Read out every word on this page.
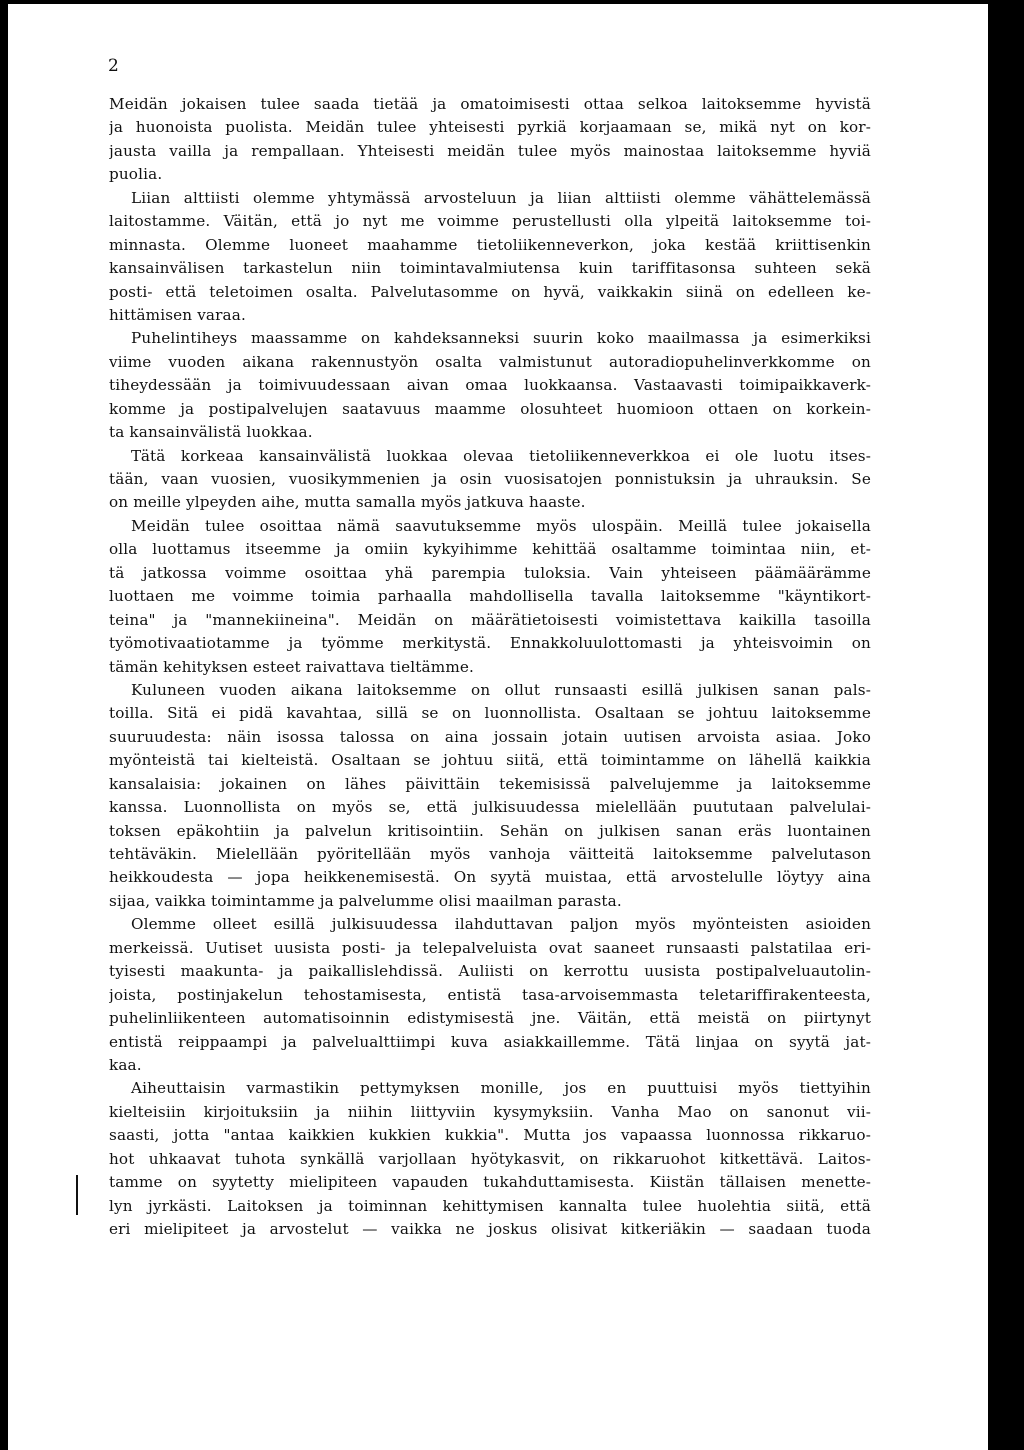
2
Meidän jokaisen tulee saada tietää ja omatoimisesti ottaa selkoa laitoksemme hyvistä
ja huonoista puolista. Meidän tulee yhteisesti pyrkiä korjaamaan se, mikä nyt on kor-
jausta vailla ja rempallaan. Yhteisesti meidän tulee myös mainostaa laitoksemme hyviä
puolia.
Liian alttiisti olemme yhtymässä arvosteluun ja liian alttiisti olemme vähättelemässä
laitostamme. Väitän, että jo nyt me voimme perustellusti olla ylpeitä laitoksemme toi-
minnasta. Olemme luoneet maahamme tietoliikenneverkon, joka kestää kriittisenkin
kansainvälisen tarkastelun niin toimintavalmiutensa kuin tariffitasonsa suhteen sekä
posti- että teletoimen osalta. Palvelutasomme on hyvä, vaikkakin siinä on edelleen ke-
hittämisen varaa.
Puhelintiheys maassamme on kahdeksanneksi suurin koko maailmassa ja esimerkiksi
viime vuoden aikana rakennustyön osalta valmistunut autoradiopuhelinverkkomme on
tiheydessään ja toimivuudessaan aivan omaa luokkaansa. Vastaavasti toimipaikkaverk-
komme ja postipalvelujen saatavuus maamme olosuhteet huomioon ottaen on korkein-
ta kansainvälistä luokkaa.
Tätä korkeaa kansainvälistä luokkaa olevaa tietoliikenneverkkoa ei ole luotu itses-
tään, vaan vuosien, vuosikymmenien ja osin vuosisatojen ponnistuksin ja uhrauksin. Se
on meille ylpeyden aihe, mutta samalla myös jatkuva haaste.
Meidän tulee osoittaa nämä saavutuksemme myös ulospäin. Meillä tulee jokaisella
olla luottamus itseemme ja omiin kykyihimme kehittää osaltamme toimintaa niin, et-
tä jatkossa voimme osoittaa yhä parempia tuloksia. Vain yhteiseen päämäärämme
luottaen me voimme toimia parhaalla mahdollisella tavalla laitoksemme "käyntikort-
teina" ja "mannekiineina". Meidän on määrätietoisesti voimistettava kaikilla tasoilla
työmotivaatiotamme ja työmme merkitystä. Ennakkoluulottomasti ja yhteisvoimin on
tämän kehityksen esteet raivattava tieltämme.
Kuluneen vuoden aikana laitoksemme on ollut runsaasti esillä julkisen sanan pals-
toilla. Sitä ei pidä kavahtaa, sillä se on luonnollista. Osaltaan se johtuu laitoksemme
suuruudesta: näin isossa talossa on aina jossain jotain uutisen arvoista asiaa. Joko
myönteistä tai kielteistä. Osaltaan se johtuu siitä, että toimintamme on lähellä kaikkia
kansalaisia: jokainen on lähes päivittäin tekemisissä palvelujemme ja laitoksemme
kanssa. Luonnollista on myös se, että julkisuudessa mielellään puututaan palvelulai-
toksen epäkohtiin ja palvelun kritisointiin. Sehän on julkisen sanan eräs luontainen
tehtäväkin. Mielellään pyöritellään myös vanhoja väitteitä laitoksemme palvelutason
heikkoudesta — jopa heikkenemisestä. On syytä muistaa, että arvostelulle löytyy aina
sijaa, vaikka toimintamme ja palvelumme olisi maailman parasta.
Olemme olleet esillä julkisuudessa ilahduttavan paljon myös myönteisten asioiden
merkeissä. Uutiset uusista posti- ja telepalveluista ovat saaneet runsaasti palstatilaa eri-
tyisesti maakunta- ja paikallislehdissä. Auliisti on kerrottu uusista postipalveluautolin-
joista, postinjakelun tehostamisesta, entistä tasa-arvoisemmasta teletariffirakenteesta,
puhelinliikenteen automatisoinnin edistymisestä jne. Väitän, että meistä on piirtynyt
entistä reippaampi ja palvelualttiimpi kuva asiakkaillemme. Tätä linjaa on syytä jat-
kaa.
Aiheuttaisin varmastikin pettymyksen monille, jos en puuttuisi myös tiettyihin
kielteisiin kirjoituksiin ja niihin liittyviin kysymyksiin. Vanha Mao on sanonut vii-
saasti, jotta "antaa kaikkien kukkien kukkia". Mutta jos vapaassa luonnossa rikkaruo-
hot uhkaavat tuhota synkällä varjollaan hyötykasvit, on rikkaruohot kitkettävä. Laitos-
tamme on syytetty mielipiteen vapauden tukahduttamisesta. Kiistän tällaisen menette-
lyn jyrkästi. Laitoksen ja toiminnan kehittymisen kannalta tulee huolehtia siitä, että
eri mielipiteet ja arvostelut — vaikka ne joskus olisivat kitkeriäkin — saadaan tuoda
